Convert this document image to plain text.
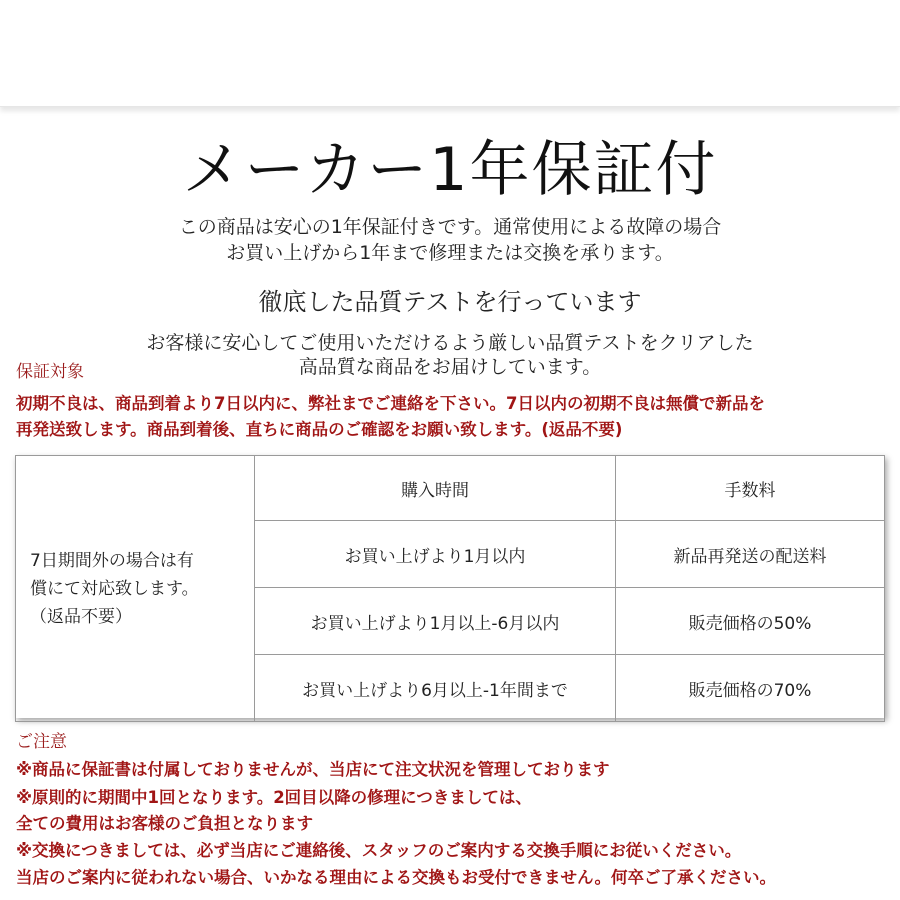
メーカー1年保証付
この商品は安心の1年保証付きです。通常使用による故障の場合
お買い上げから1年まで修理または交換を承ります。
徹底した品質テストを行っています
お客様に安心してご使用いただけるよう厳しい品質テストをクリアした
高品質な商品をお届けしています。
保証対象
初期不良は、商品到着より7日以内に、弊社までご連絡を下さい。7日以内の初期不良は無償で新品を
再発送致します。商品到着後、直ちに商品のご確認をお願い致します。(返品不要)
7日期間外の場合は有
償にて対応致します。
（返品不要）	購入時間	手数料
	お買い上げより1月以内	新品再発送の配送料
	お買い上げより1月以上-6月以内	販売価格の50%
	お買い上げより6月以上-1年間まで	販売価格の70%
ご注意
※商品に保証書は付属しておりませんが、当店にて注文状況を管理しております
※原則的に期間中1回となります。2回目以降の修理につきましては、
全ての費用はお客様のご負担となります
※交換につきましては、必ず当店にご連絡後、スタッフのご案内する交換手順にお従いください。
当店のご案内に従われない場合、いかなる理由による交換もお受付できません。何卒ご了承ください。
